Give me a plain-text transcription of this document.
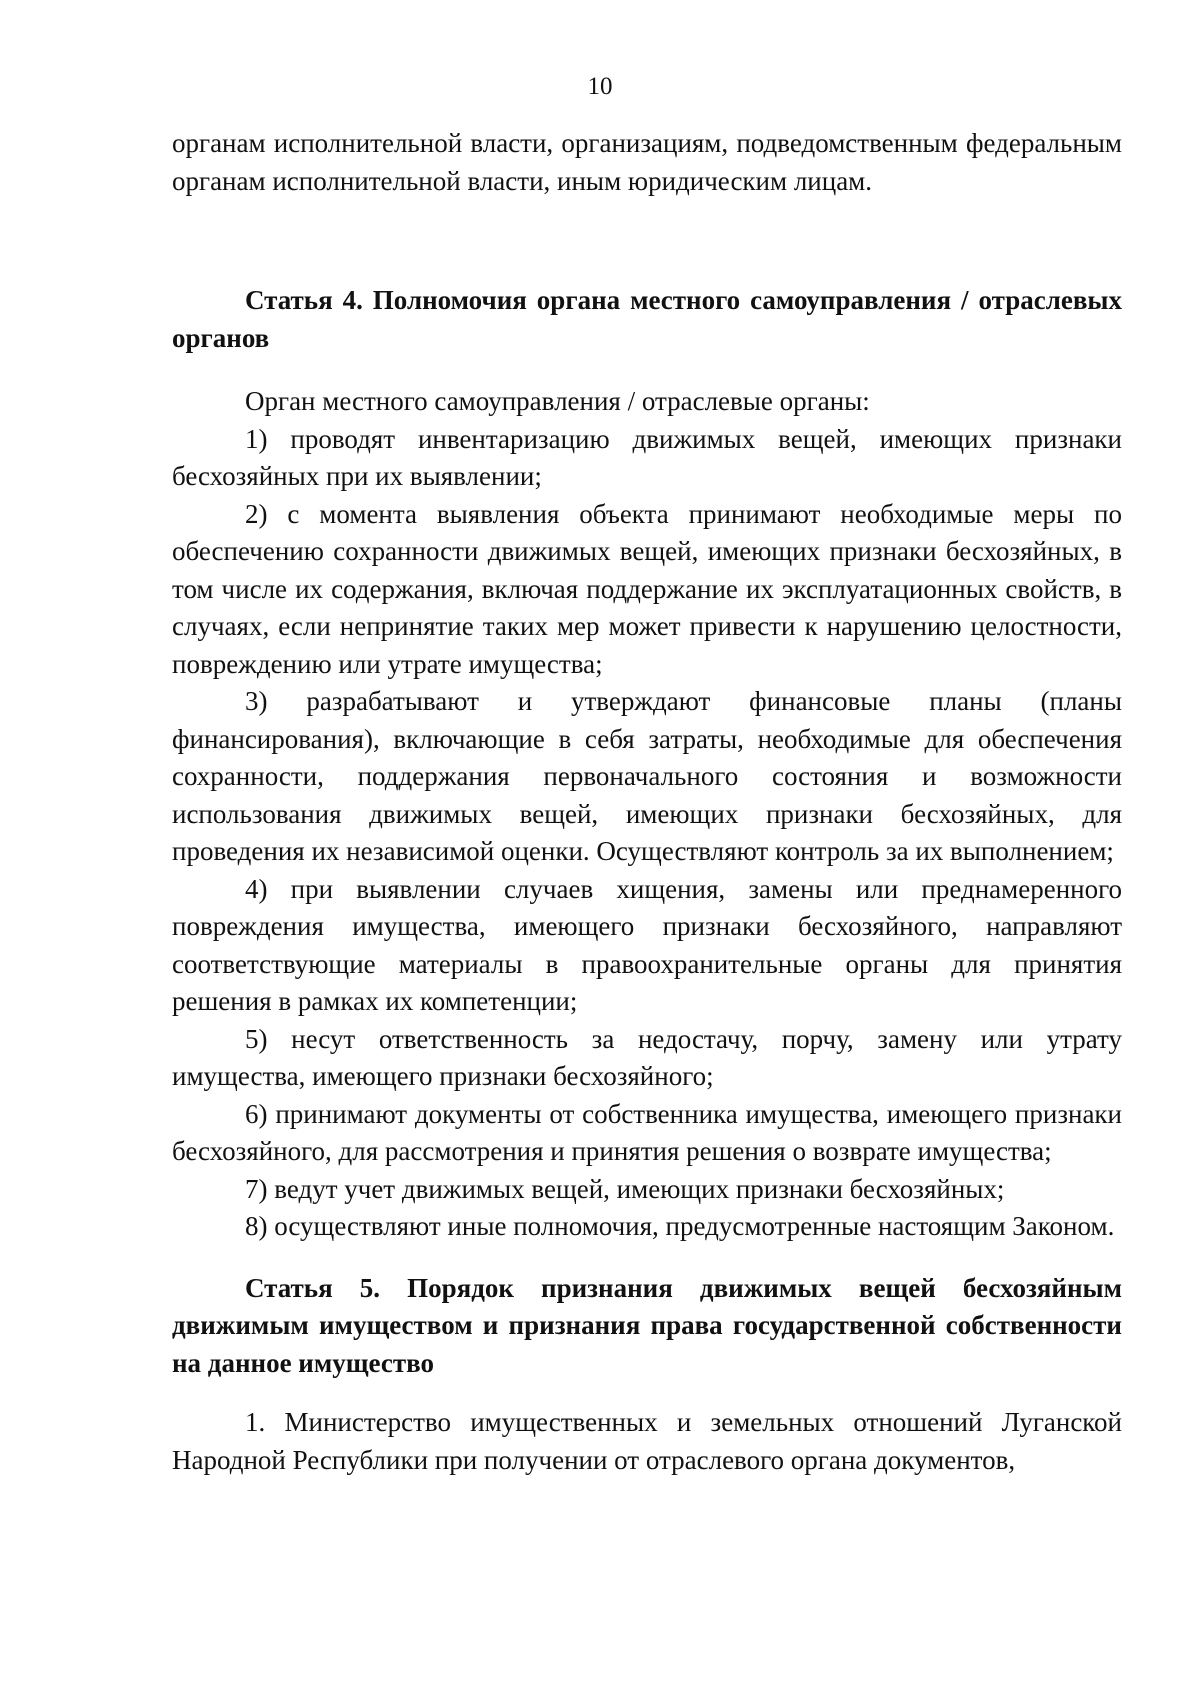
10

органам исполнительной власти, организациям, подведомственным федеральным органам исполнительной власти, иным юридическим лицам.

Статья 4. Полномочия органа местного самоуправления / отраслевых органов

Орган местного самоуправления / отраслевые органы:

1) проводят инвентаризацию движимых вещей, имеющих признаки бесхозяйных при их выявлении;

2) с момента выявления объекта принимают необходимые меры по обеспечению сохранности движимых вещей, имеющих признаки бесхозяйных, в том числе их содержания, включая поддержание их эксплуатационных свойств, в случаях, если непринятие таких мер может привести к нарушению целостности, повреждению или утрате имущества;

3) разрабатывают и утверждают финансовые планы (планы финансирования), включающие в себя затраты, необходимые для обеспечения сохранности, поддержания первоначального состояния и возможности использования движимых вещей, имеющих признаки бесхозяйных, для проведения их независимой оценки. Осуществляют контроль за их выполнением;

4) при выявлении случаев хищения, замены или преднамеренного повреждения имущества, имеющего признаки бесхозяйного, направляют соответствующие материалы в правоохранительные органы для принятия решения в рамках их компетенции;

5) несут ответственность за недостачу, порчу, замену или утрату имущества, имеющего признаки бесхозяйного;

6) принимают документы от собственника имущества, имеющего признаки бесхозяйного, для рассмотрения и принятия решения о возврате имущества;

7) ведут учет движимых вещей, имеющих признаки бесхозяйных;

8) осуществляют иные полномочия, предусмотренные настоящим Законом.

Статья 5. Порядок признания движимых вещей бесхозяйным движимым имуществом и признания права государственной собственности на данное имущество

1. Министерство имущественных и земельных отношений Луганской Народной Республики при получении от отраслевого органа документов,
